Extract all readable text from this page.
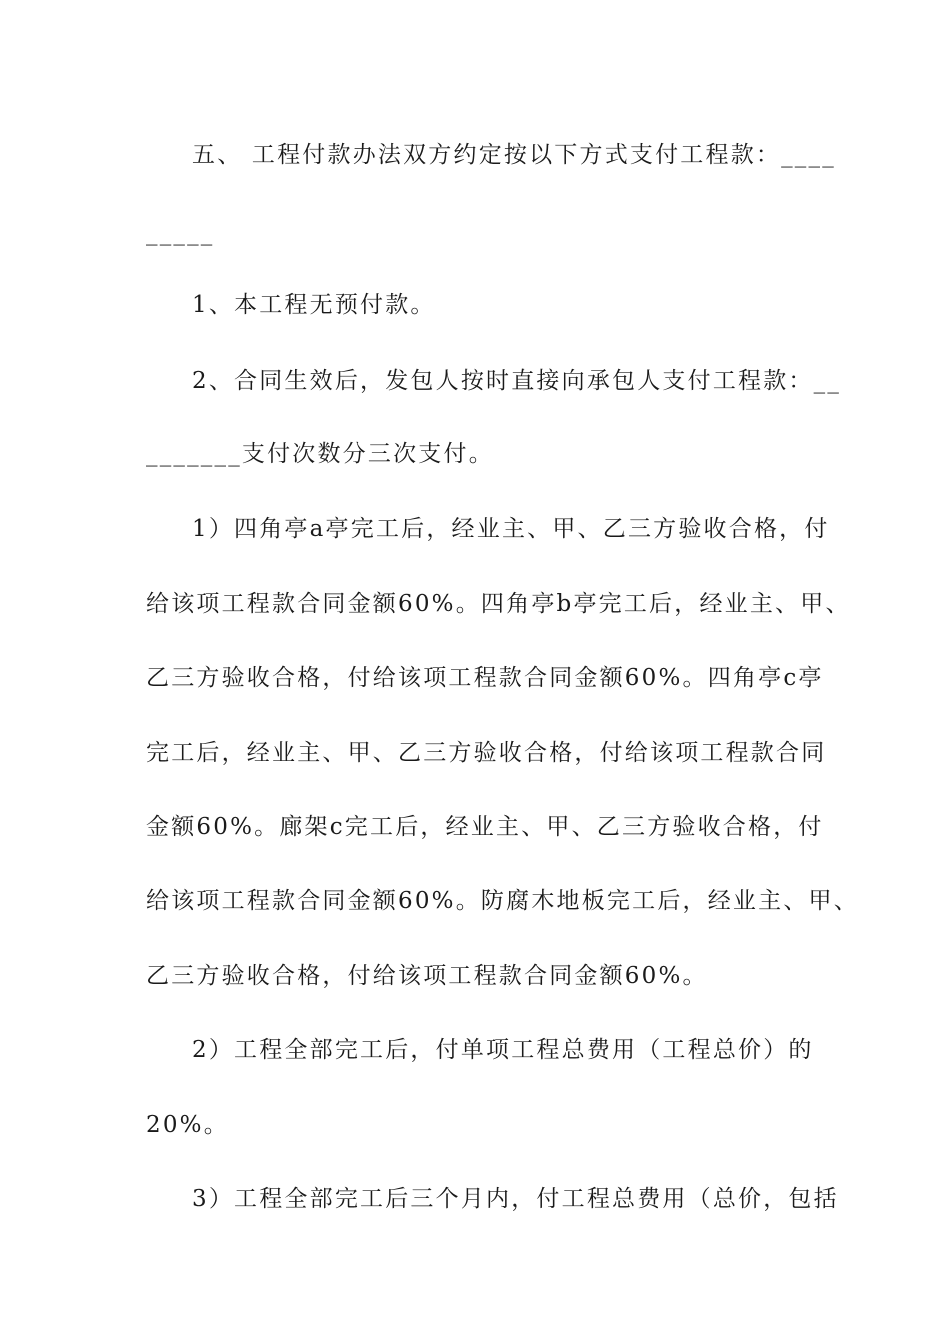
五、 工程付款办法双方约定按以下方式支付工程款：____
_____
1、本工程无预付款。
2、合同生效后，发包人按时直接向承包人支付工程款：__
_______支付次数分三次支付。
1）四角亭a亭完工后，经业主、甲、乙三方验收合格，付
给该项工程款合同金额60%。四角亭b亭完工后，经业主、甲、
乙三方验收合格，付给该项工程款合同金额60%。四角亭c亭
完工后，经业主、甲、乙三方验收合格，付给该项工程款合同
金额60%。廊架c完工后，经业主、甲、乙三方验收合格，付
给该项工程款合同金额60%。防腐木地板完工后，经业主、甲、
乙三方验收合格，付给该项工程款合同金额60%。
2）工程全部完工后，付单项工程总费用（工程总价）的
20%。
3）工程全部完工后三个月内，付工程总费用（总价，包括
